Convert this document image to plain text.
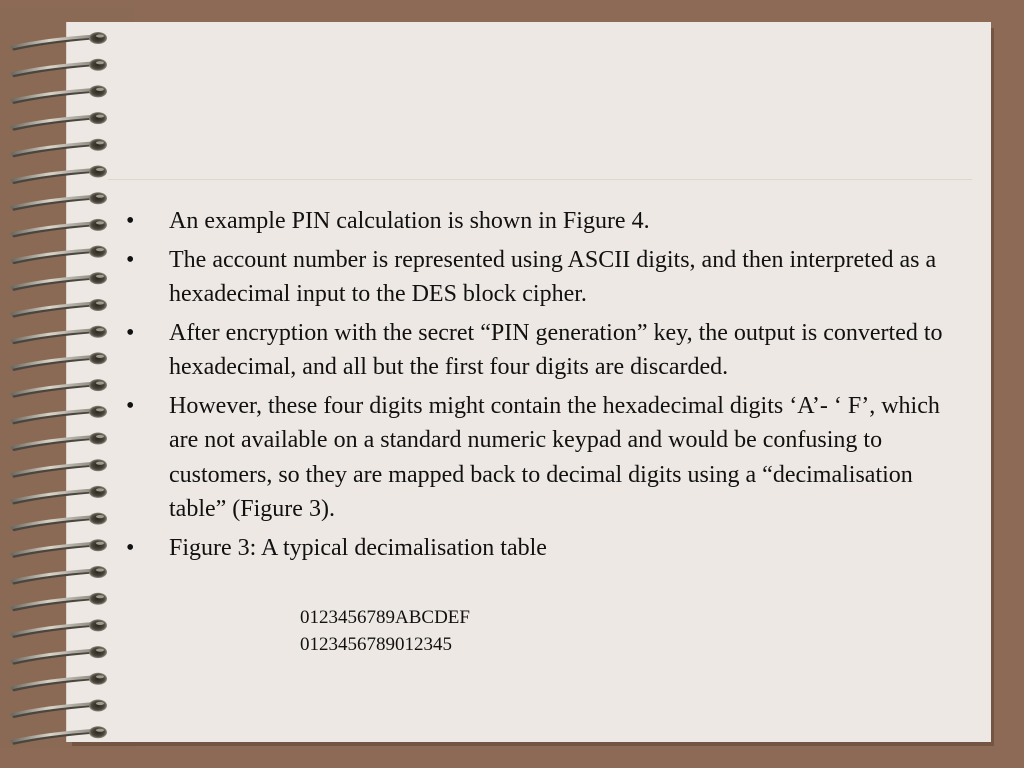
•	An example PIN calculation is shown in Figure 4.
•	The account number is represented using ASCII digits, and then interpreted as a hexadecimal input to the DES block cipher.
•	After encryption with the secret “PIN generation” key, the output is converted to hexadecimal, and all but the first four digits are discarded.
•	However, these four digits might contain the hexadecimal digits ‘A’- ‘ F’, which are not available on a standard numeric keypad and would be confusing to customers, so they are mapped back to decimal digits using a “decimalisation table” (Figure 3).
•	Figure 3: A typical decimalisation table
0123456789ABCDEF
0123456789012345
